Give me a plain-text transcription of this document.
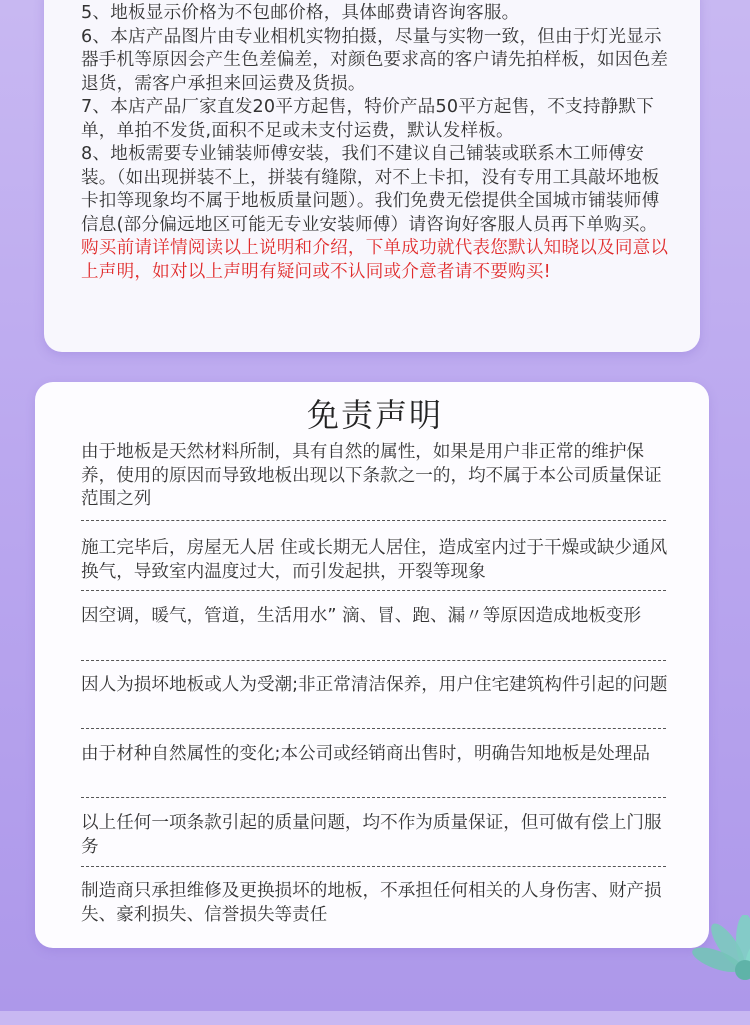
5、地板显示价格为不包邮价格，具体邮费请咨询客服。

6、本店产品图片由专业相机实物拍摄，尽量与实物一致，但由于灯光显示器手机等原因会产生色差偏差，对颜色要求高的客户请先拍样板，如因色差退货，需客户承担来回运费及货损。

7、本店产品厂家直发20平方起售，特价产品50平方起售，不支持静默下单，单拍不发货,面积不足或未支付运费，默认发样板。

8、地板需要专业铺装师傅安装，我们不建议自己铺装或联系木工师傅安装。（如出现拼装不上，拼装有缝隙，对不上卡扣，没有专用工具敲坏地板卡扣等现象均不属于地板质量问题）。我们免费无偿提供全国城市铺装师傅信息(部分偏远地区可能无专业安装师傅）请咨询好客服人员再下单购买。

购买前请详情阅读以上说明和介绍，下单成功就代表您默认知晓以及同意以上声明，如对以上声明有疑问或不认同或介意者请不要购买!

免责声明

由于地板是天然材料所制，具有自然的属性，如果是用户非正常的维护保养，使用的原因而导致地板出现以下条款之一的，均不属于本公司质量保证范围之列

施工完毕后，房屋无人居 住或长期无人居住，造成室内过于干燥或缺少通风换气，导致室内温度过大，而引发起拱，开裂等现象

因空调，暖气，管道，生活用水” 滴、冒、跑、漏〃等原因造成地板变形

因人为损坏地板或人为受潮;非正常清洁保养，用户住宅建筑构件引起的问题

由于材种自然属性的变化;本公司或经销商出售时，明确告知地板是处理品

以上任何一项条款引起的质量问题，均不作为质量保证，但可做有偿上门服务

制造商只承担维修及更换损坏的地板，不承担任何相关的人身伤害、财产损失、豪利损失、信誉损失等责任
